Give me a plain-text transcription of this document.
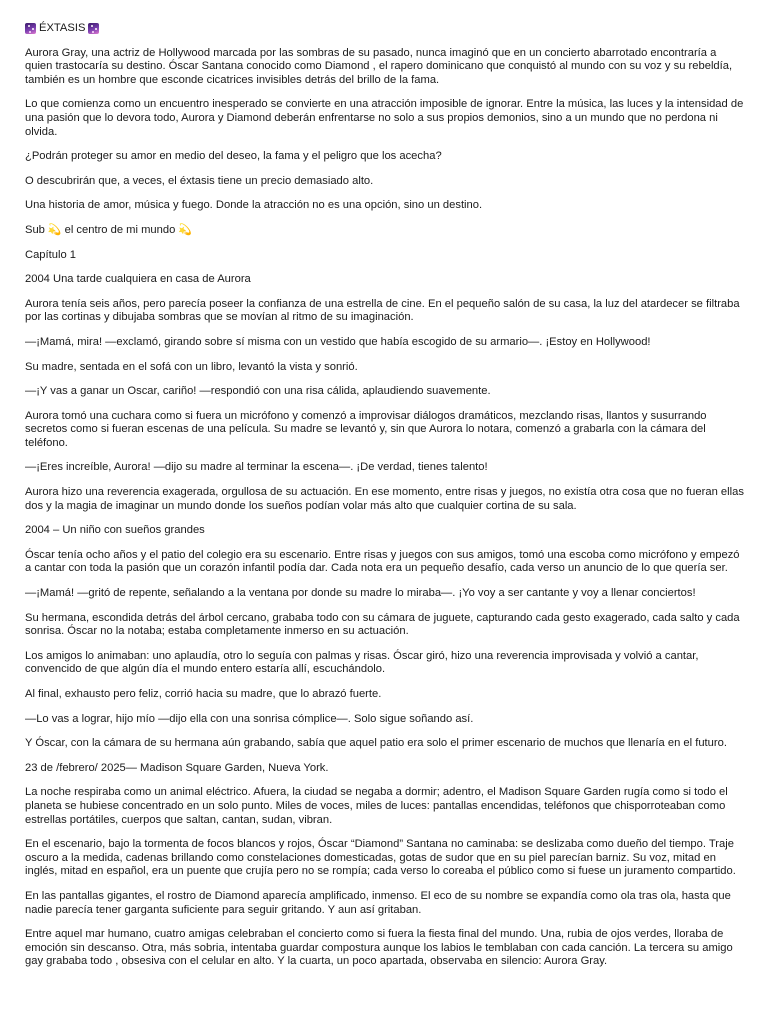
ÉXTASIS

Aurora Gray, una actriz de Hollywood marcada por las sombras de su pasado, nunca imaginó que en un concierto abarrotado encontraría a quien trastocaría su destino. Óscar Santana conocido como Diamond , el rapero dominicano que conquistó al mundo con su voz y su rebeldía, también es un hombre que esconde cicatrices invisibles detrás del brillo de la fama.

Lo que comienza como un encuentro inesperado se convierte en una atracción imposible de ignorar. Entre la música, las luces y la intensidad de una pasión que lo devora todo, Aurora y Diamond deberán enfrentarse no solo a sus propios demonios, sino a un mundo que no perdona ni olvida.

¿Podrán proteger su amor en medio del deseo, la fama y el peligro que los acecha?

O descubrirán que, a veces, el éxtasis tiene un precio demasiado alto.

Una historia de amor, música y fuego. Donde la atracción no es una opción, sino un destino.

Sub 💫 el centro de mi mundo 💫

Capítulo 1

2004 Una tarde cualquiera en casa de Aurora

Aurora tenía seis años, pero parecía poseer la confianza de una estrella de cine. En el pequeño salón de su casa, la luz del atardecer se filtraba por las cortinas y dibujaba sombras que se movían al ritmo de su imaginación.

—¡Mamá, mira! —exclamó, girando sobre sí misma con un vestido que había escogido de su armario—. ¡Estoy en Hollywood!

Su madre, sentada en el sofá con un libro, levantó la vista y sonrió.

—¡Y vas a ganar un Oscar, cariño! —respondió con una risa cálida, aplaudiendo suavemente.

Aurora tomó una cuchara como si fuera un micrófono y comenzó a improvisar diálogos dramáticos, mezclando risas, llantos y susurrando secretos como si fueran escenas de una película. Su madre se levantó y, sin que Aurora lo notara, comenzó a grabarla con la cámara del teléfono.

—¡Eres increíble, Aurora! —dijo su madre al terminar la escena—. ¡De verdad, tienes talento!

Aurora hizo una reverencia exagerada, orgullosa de su actuación. En ese momento, entre risas y juegos, no existía otra cosa que no fueran ellas dos y la magia de imaginar un mundo donde los sueños podían volar más alto que cualquier cortina de su sala.

2004 – Un niño con sueños grandes

Óscar tenía ocho años y el patio del colegio era su escenario. Entre risas y juegos con sus amigos, tomó una escoba como micrófono y empezó a cantar con toda la pasión que un corazón infantil podía dar. Cada nota era un pequeño desafío, cada verso un anuncio de lo que quería ser.

—¡Mamá! —gritó de repente, señalando a la ventana por donde su madre lo miraba—. ¡Yo voy a ser cantante y voy a llenar conciertos!

Su hermana, escondida detrás del árbol cercano, grababa todo con su cámara de juguete, capturando cada gesto exagerado, cada salto y cada sonrisa. Óscar no la notaba; estaba completamente inmerso en su actuación.

Los amigos lo animaban: uno aplaudía, otro lo seguía con palmas y risas. Óscar giró, hizo una reverencia improvisada y volvió a cantar, convencido de que algún día el mundo entero estaría allí, escuchándolo.

Al final, exhausto pero feliz, corrió hacia su madre, que lo abrazó fuerte.

—Lo vas a lograr, hijo mío —dijo ella con una sonrisa cómplice—. Solo sigue soñando así.

Y Óscar, con la cámara de su hermana aún grabando, sabía que aquel patio era solo el primer escenario de muchos que llenaría en el futuro.

23 de /febrero/ 2025— Madison Square Garden, Nueva York.

La noche respiraba como un animal eléctrico. Afuera, la ciudad se negaba a dormir; adentro, el Madison Square Garden rugía como si todo el planeta se hubiese concentrado en un solo punto. Miles de voces, miles de luces: pantallas encendidas, teléfonos que chisporroteaban como estrellas portátiles, cuerpos que saltan, cantan, sudan, vibran.

En el escenario, bajo la tormenta de focos blancos y rojos, Óscar “Diamond” Santana no caminaba: se deslizaba como dueño del tiempo. Traje oscuro a la medida, cadenas brillando como constelaciones domesticadas, gotas de sudor que en su piel parecían barniz. Su voz, mitad en inglés, mitad en español, era un puente que crujía pero no se rompía; cada verso lo coreaba el público como si fuese un juramento compartido.

En las pantallas gigantes, el rostro de Diamond aparecía amplificado, inmenso. El eco de su nombre se expandía como ola tras ola, hasta que nadie parecía tener garganta suficiente para seguir gritando. Y aun así gritaban.

Entre aquel mar humano, cuatro amigas celebraban el concierto como si fuera la fiesta final del mundo. Una, rubia de ojos verdes, lloraba de emoción sin descanso. Otra, más sobria, intentaba guardar compostura aunque los labios le temblaban con cada canción. La tercera su amigo gay grababa todo , obsesiva con el celular en alto. Y la cuarta, un poco apartada, observaba en silencio: Aurora Gray.
